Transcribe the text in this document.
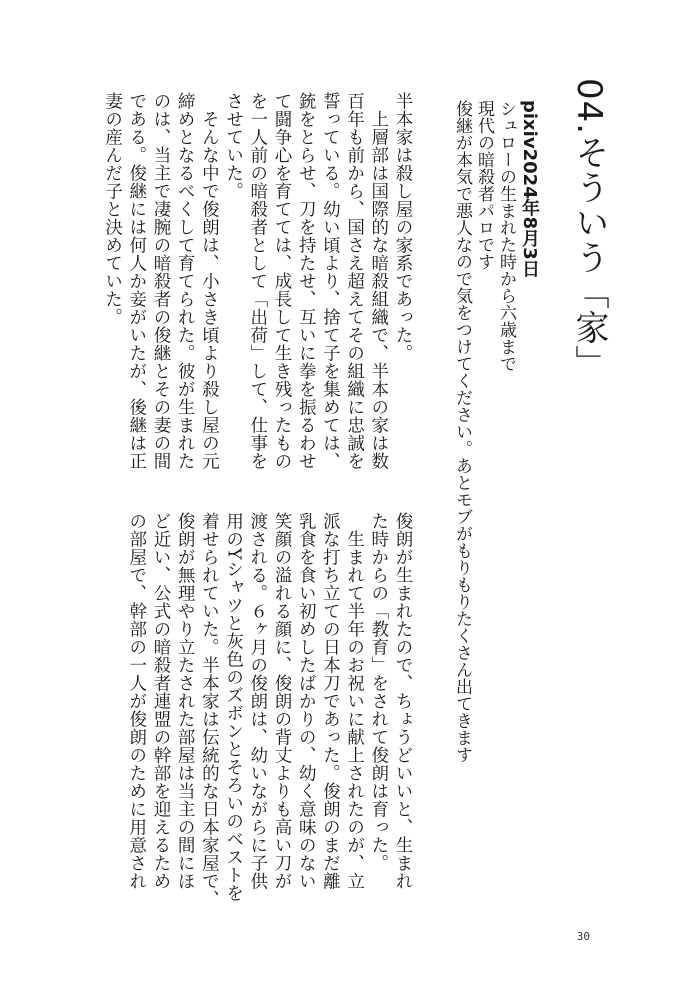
04.そういう「家」
pixiv2024年8月3日
シュローの生まれた時から六歳まで
現代の暗殺者パロです
俊継が本気で悪人なので気をつけてください。あとモブがもりもりたくさん出てきます
半本家は殺し屋の家系であった。
　上層部は国際的な暗殺組織で、半本の家は数
百年も前から、国さえ超えてその組織に忠誠を
誓っている。幼い頃より、捨て子を集めては、
銃をとらせ、刀を持たせ、互いに拳を振るわせ
て闘争心を育てては、成長して生き残ったもの
を一人前の暗殺者として「出荷」して、仕事を
させていた。
　そんな中で俊朗は、小さき頃より殺し屋の元
締めとなるべくして育てられた。彼が生まれた
のは、当主で凄腕の暗殺者の俊継とその妻の間
である。俊継には何人か妾がいたが、後継は正
妻の産んだ子と決めていた。
俊朗が生まれたので、ちょうどいいと、生まれ
た時からの「教育」をされて俊朗は育った。
　生まれて半年のお祝いに献上されたのが、立
派な打ち立ての日本刀であった。俊朗のまだ離
乳食を食い初めしたばかりの、幼く意味のない
笑顔の溢れる顔に、俊朗の背丈よりも高い刀が
渡される。６ヶ月の俊朗は、幼いながらに子供
用のYシャツと灰色のズボンとそろいのベストを
着せられていた。半本家は伝統的な日本家屋で、
俊朗が無理やり立たされた部屋は当主の間にほ
ど近い、公式の暗殺者連盟の幹部を迎えるため
の部屋で、幹部の一人が俊朗のために用意され
30
